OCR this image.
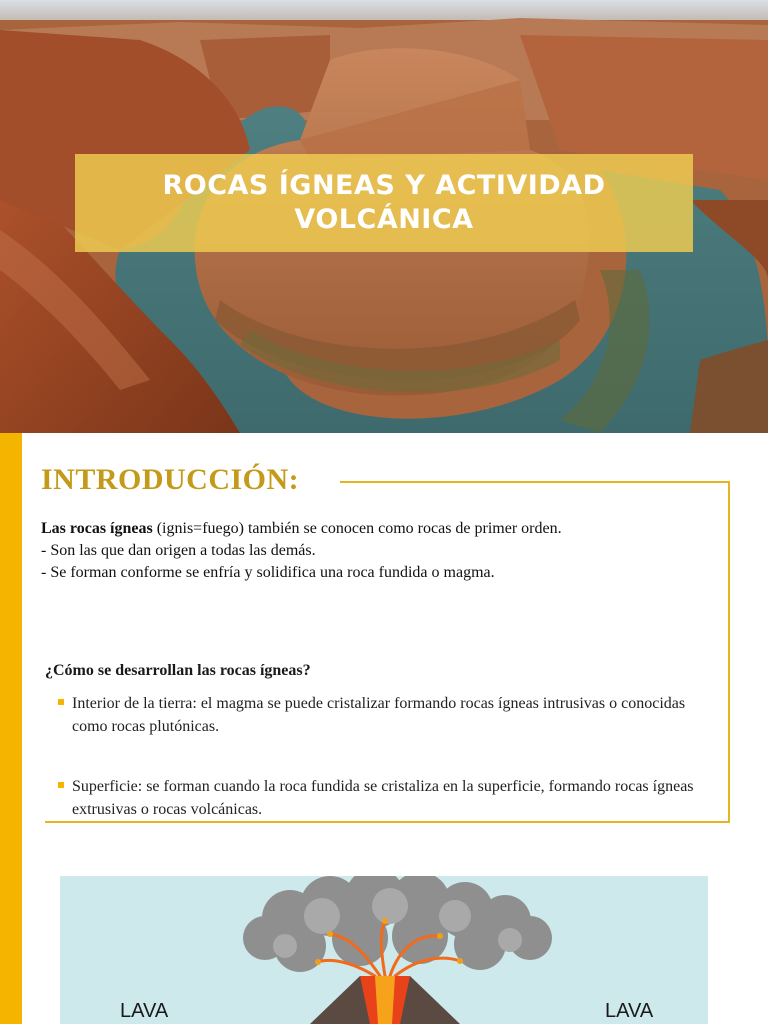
ROCAS ÍGNEAS Y ACTIVIDAD
VOLCÁNICA
INTRODUCCIÓN:

Las rocas ígneas (ignis=fuego) también se conocen como rocas de primer orden.

- Son las que dan origen a todas las demás.

- Se forman conforme se enfría y solidifica una roca fundida o magma.

¿Cómo se desarrollan las rocas ígneas?

Interior de la tierra: el magma se puede cristalizar formando rocas ígneas intrusivas o conocidas como rocas plutónicas.
Superficie: se forman cuando la roca fundida se cristaliza en la superficie, formando rocas ígneas extrusivas o rocas volcánicas.
LAVA	LAVA
